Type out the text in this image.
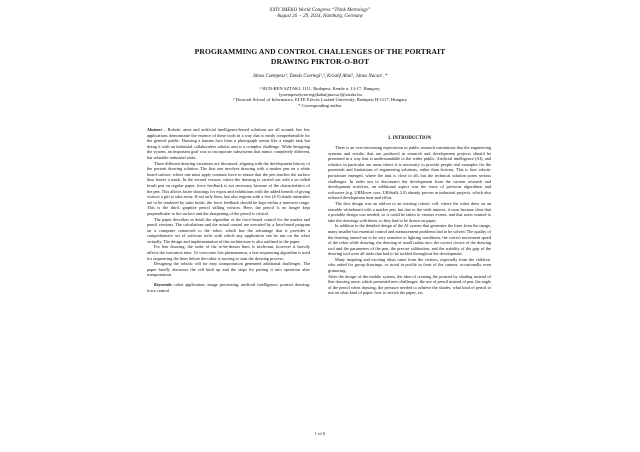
XXIV IMEKO World Congress “Think Metrology”
August 26 − 29, 2024, Hamburg, Germany
PROGRAMMING AND CONTROL CHALLENGES OF THE PORTRAIT
DRAWING PIKTOR-O-BOT
János Csempesz¹, Tamás Csertegi¹,², Kristóf Abai¹, János Nacsa¹, *
¹ HUN-REN SZTAKI, 1111, Budapest, Kende u. 13-17, Hungary,
{jcsempesz|tcsertegi|kabai|jnacsa}@sztaki.hu
² Doctoral School of Informatics, ELTE Eötvös Loránd University, Budapest H-1117, Hungary
* Corresponding author

Abstract – Robotic arms and artificial intelligence-based solutions are all around, but few applications demonstrate the essence of these tools in a way that is easily comprehensible for the general public. Drawing a human face from a photograph seems like a simple task but doing it with an industrial collaborative robotic arm is a complex challenge. While designing the system, an important goal was to incorporate subsystems that mimic completely different, but relatable industrial tasks.

Three different drawing variations are discussed, aligning with the development history of the portrait drawing solution. The first one involves drawing with a marker pen on a white board surface, where one must apply constant force to ensure that the pen touches the surface thus leaves a mark. In the second version, where the drawing is carried out with a so-called brush pen on regular paper, force feedback is not necessary because of the characteristics of the pen. This allows faster drawings for expos and exhibitions with the added benefit of giving visitors a gift to take away. If not only lines, but also regions with a few (4-5) shade intensities are to be rendered by satin finish, the force feedback should be kept within a narrower range. This is the third, graphite pencil stilling version. Here, the pencil is no longer kept perpendicular to the surface and the sharpening of the pencil is critical.

The paper describes in detail the algorithm of the force-based control for the marker and pencil versions. The calculations and the actual control are executed by a Java-based program on a computer connected to the robot, which has the advantage that it provides a comprehensive set of software tools with which any application can be run on the robot virtually. The design and implementation of this architecture is also outlined in the paper.

For line drawing, the order of the to-be-drawn lines is irrelevant, however it heavily affects the execution time. To overcome this phenomenon, a fast-sequencing algorithm is used for sequencing the lines before the robot is moving to start the drawing process.

Designing the robotic cell for easy transportation generated additional challenges. The paper briefly discusses the cell built up and the steps for putting it into operation after transportation.

Keywords: robot application; image processing; artificial intelligence; portrait drawing; force control

1. INTRODUCTION

There is an ever-increasing expectation in public research institutions that the engineering systems and results, that are produced in research and development projects should be presented in a way that is understandable to the wider public. Artificial intelligence (AI), and robotics in particular are areas where it is necessary to provide people real examples for the potentials and limitations of engineering solutions, rather than fictions. This is how robotic portraiture emerged, where the task is close to all, but the technical solution poses serious challenges. In order not to disconnect the development from the current research and development activities, an additional aspect was the reuse of previous algorithms and softwares (e.g. URMover core, URSttalk 2.0) already proven in industrial projects, which also reduced development time and effort.

The first design was an add-on to an existing robotic cell, where the robot drew on an erasable whiteboard with a marker pen, but due to the wide interest, it soon became clear that a portable design was needed, so it could be taken to various events, and that users wanted to take the drawings with them, so they had to be drawn on paper.

In addition to the detailed design of the AI system that generates the lines from the image, many smaller but essential control and measurement problems had to be solved. The quality of the drawing turned out to be very sensitive to lighting conditions, the correct movement speed of the robot while drawing, the drawing of small radius arcs, the correct choice of the drawing tool and the parameters of the pen, the precise calibration, and the stability of the grip of the drawing tool were all tasks that had to be tackled throughout the development.

Many inspiring and exciting ideas came from the visitors, especially from the children, who asked for group drawings, or stood in profile in front of the camera, occasionally even grimacing.

After the design of the mobile system, the idea of creating the portrait by shading instead of line drawing arose, which presented new challenges: the use of pencil instead of pen, the angle of the pencil when drawing, the pressure needed to achieve the shades, what kind of pencil to use on what kind of paper, how to stretch the paper, etc.

1 of 6
